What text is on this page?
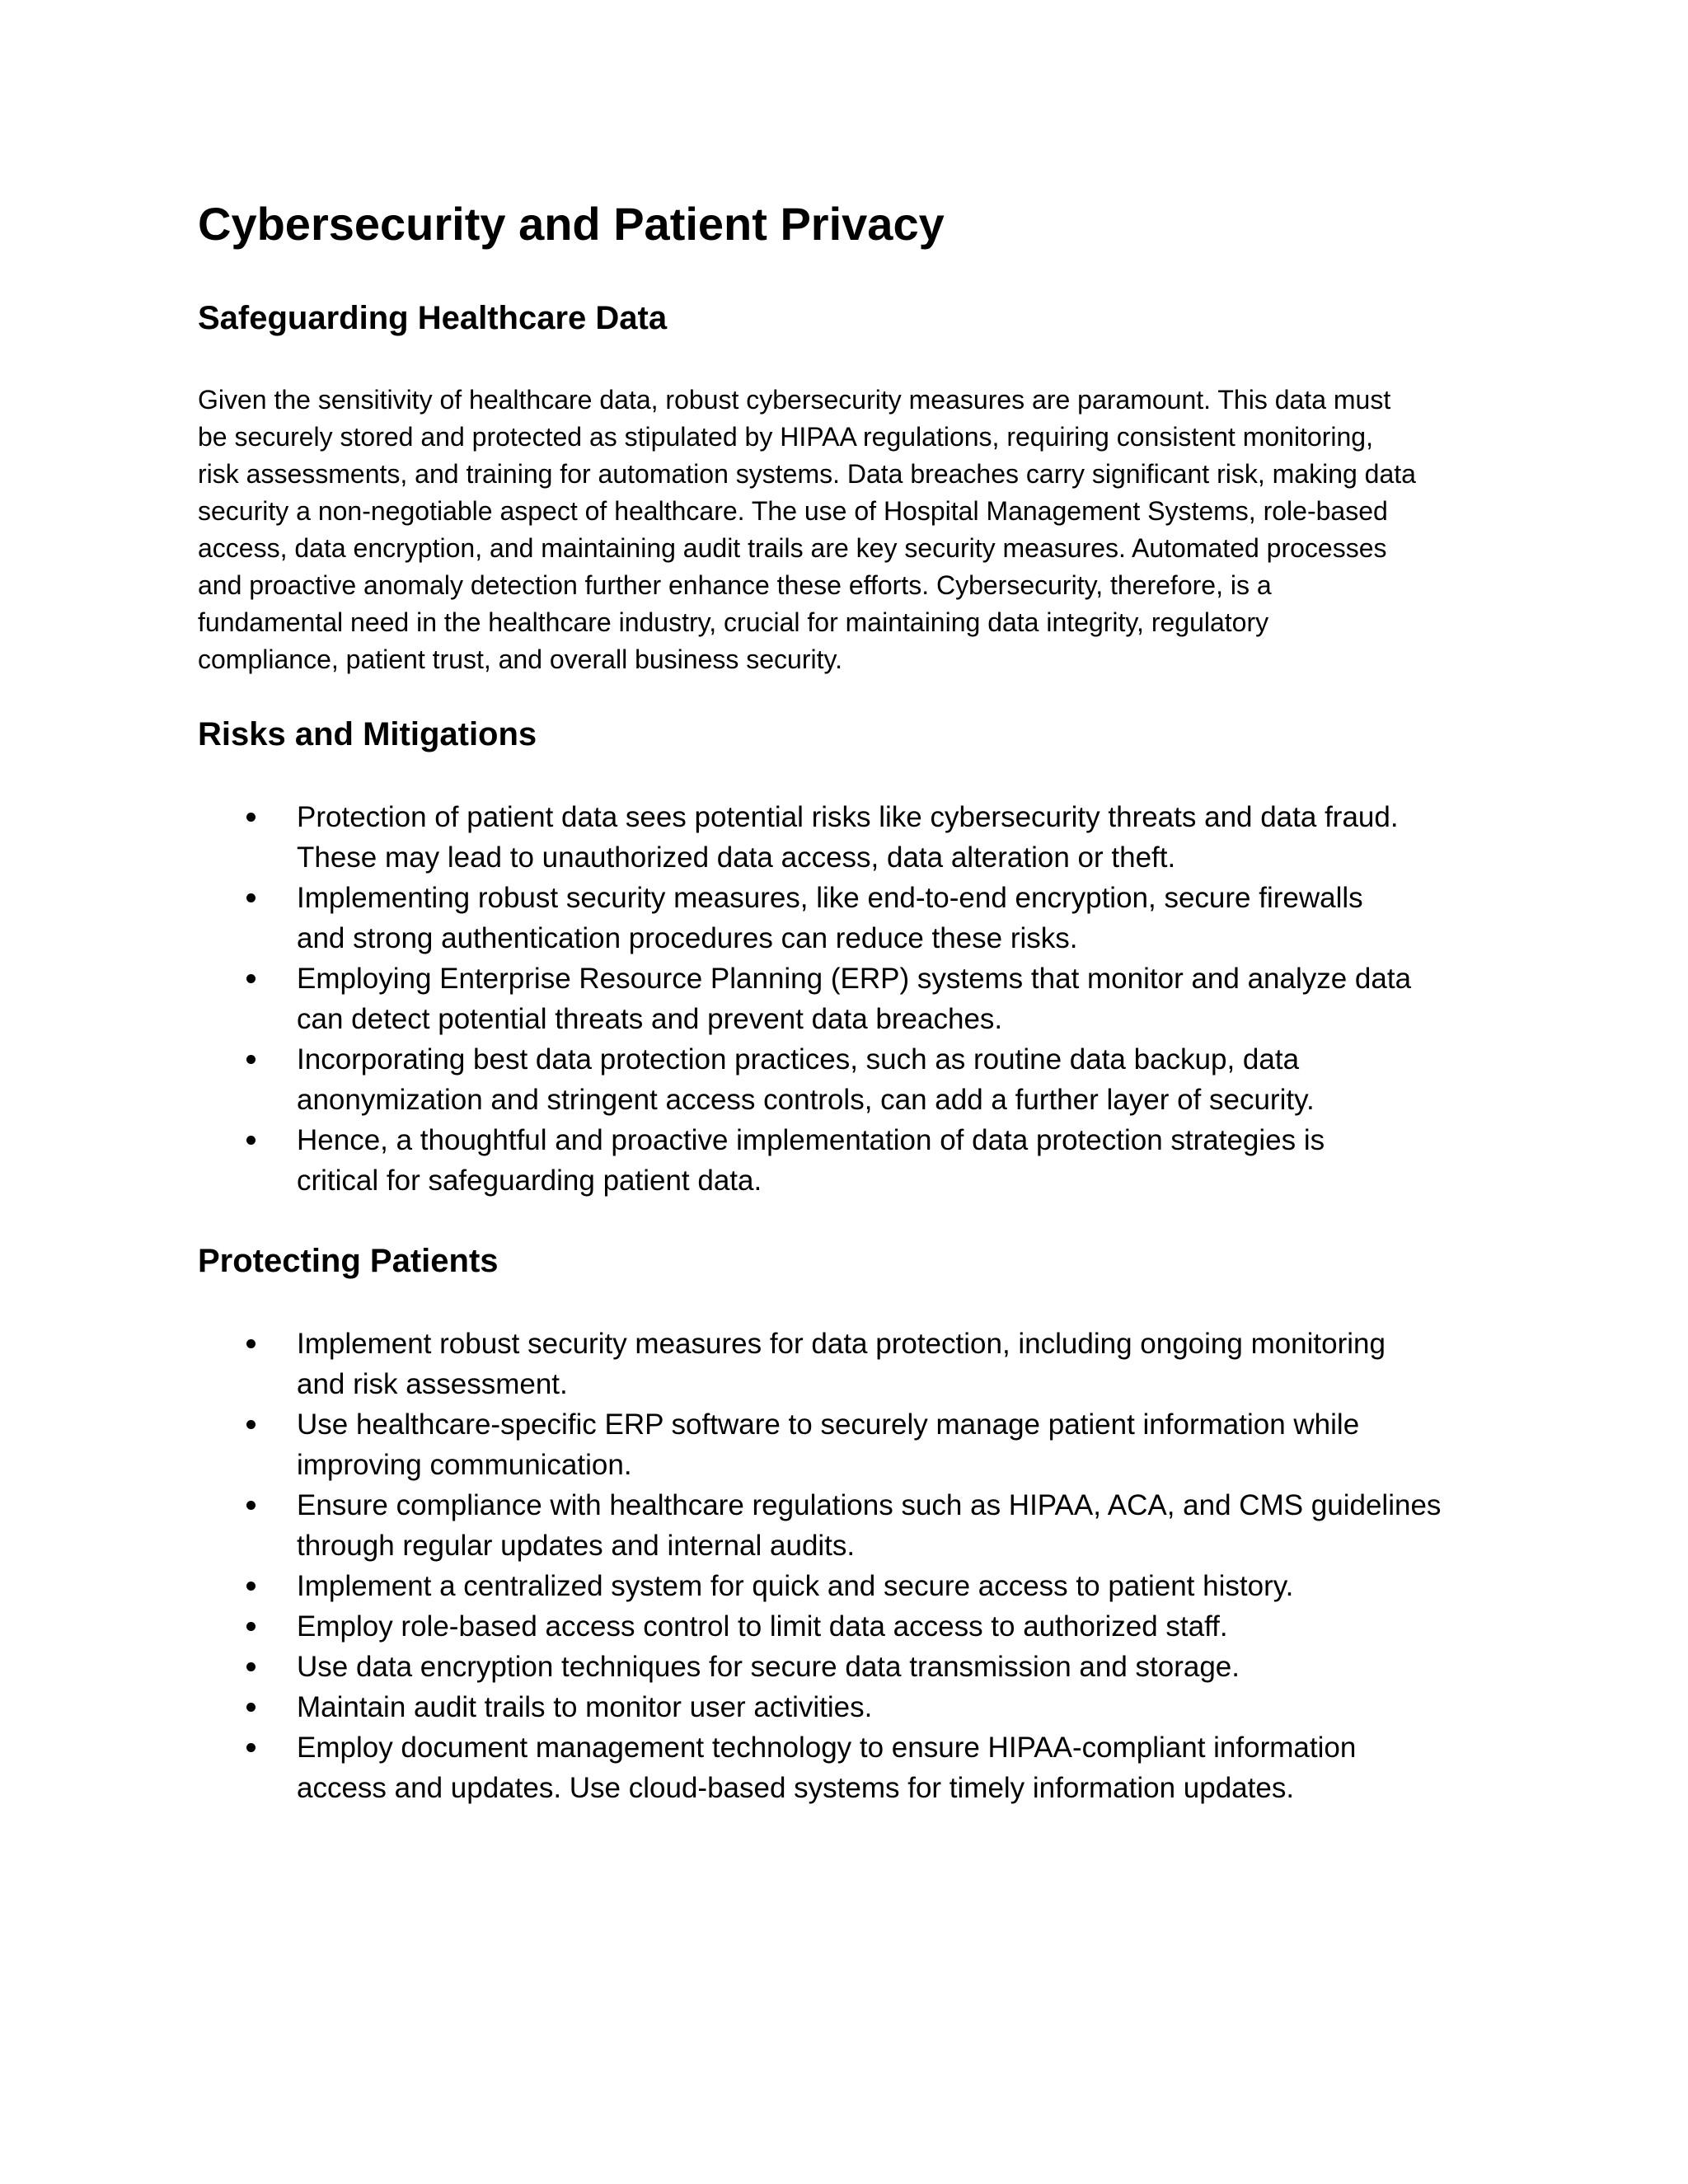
Cybersecurity and Patient Privacy
Safeguarding Healthcare Data

Given the sensitivity of healthcare data, robust cybersecurity measures are paramount. This data must
be securely stored and protected as stipulated by HIPAA regulations, requiring consistent monitoring,
risk assessments, and training for automation systems. Data breaches carry significant risk, making data
security a non-negotiable aspect of healthcare. The use of Hospital Management Systems, role-based
access, data encryption, and maintaining audit trails are key security measures. Automated processes
and proactive anomaly detection further enhance these efforts. Cybersecurity, therefore, is a
fundamental need in the healthcare industry, crucial for maintaining data integrity, regulatory
compliance, patient trust, and overall business security.

Risks and Mitigations
Protection of patient data sees potential risks like cybersecurity threats and data fraud.
These may lead to unauthorized data access, data alteration or theft.
Implementing robust security measures, like end-to-end encryption, secure firewalls
and strong authentication procedures can reduce these risks.
Employing Enterprise Resource Planning (ERP) systems that monitor and analyze data
can detect potential threats and prevent data breaches.
Incorporating best data protection practices, such as routine data backup, data
anonymization and stringent access controls, can add a further layer of security.
Hence, a thoughtful and proactive implementation of data protection strategies is
critical for safeguarding patient data.
Protecting Patients
Implement robust security measures for data protection, including ongoing monitoring
and risk assessment.
Use healthcare-specific ERP software to securely manage patient information while
improving communication.
Ensure compliance with healthcare regulations such as HIPAA, ACA, and CMS guidelines
through regular updates and internal audits.
Implement a centralized system for quick and secure access to patient history.
Employ role-based access control to limit data access to authorized staff.
Use data encryption techniques for secure data transmission and storage.
Maintain audit trails to monitor user activities.
Employ document management technology to ensure HIPAA-compliant information
access and updates. Use cloud-based systems for timely information updates.
